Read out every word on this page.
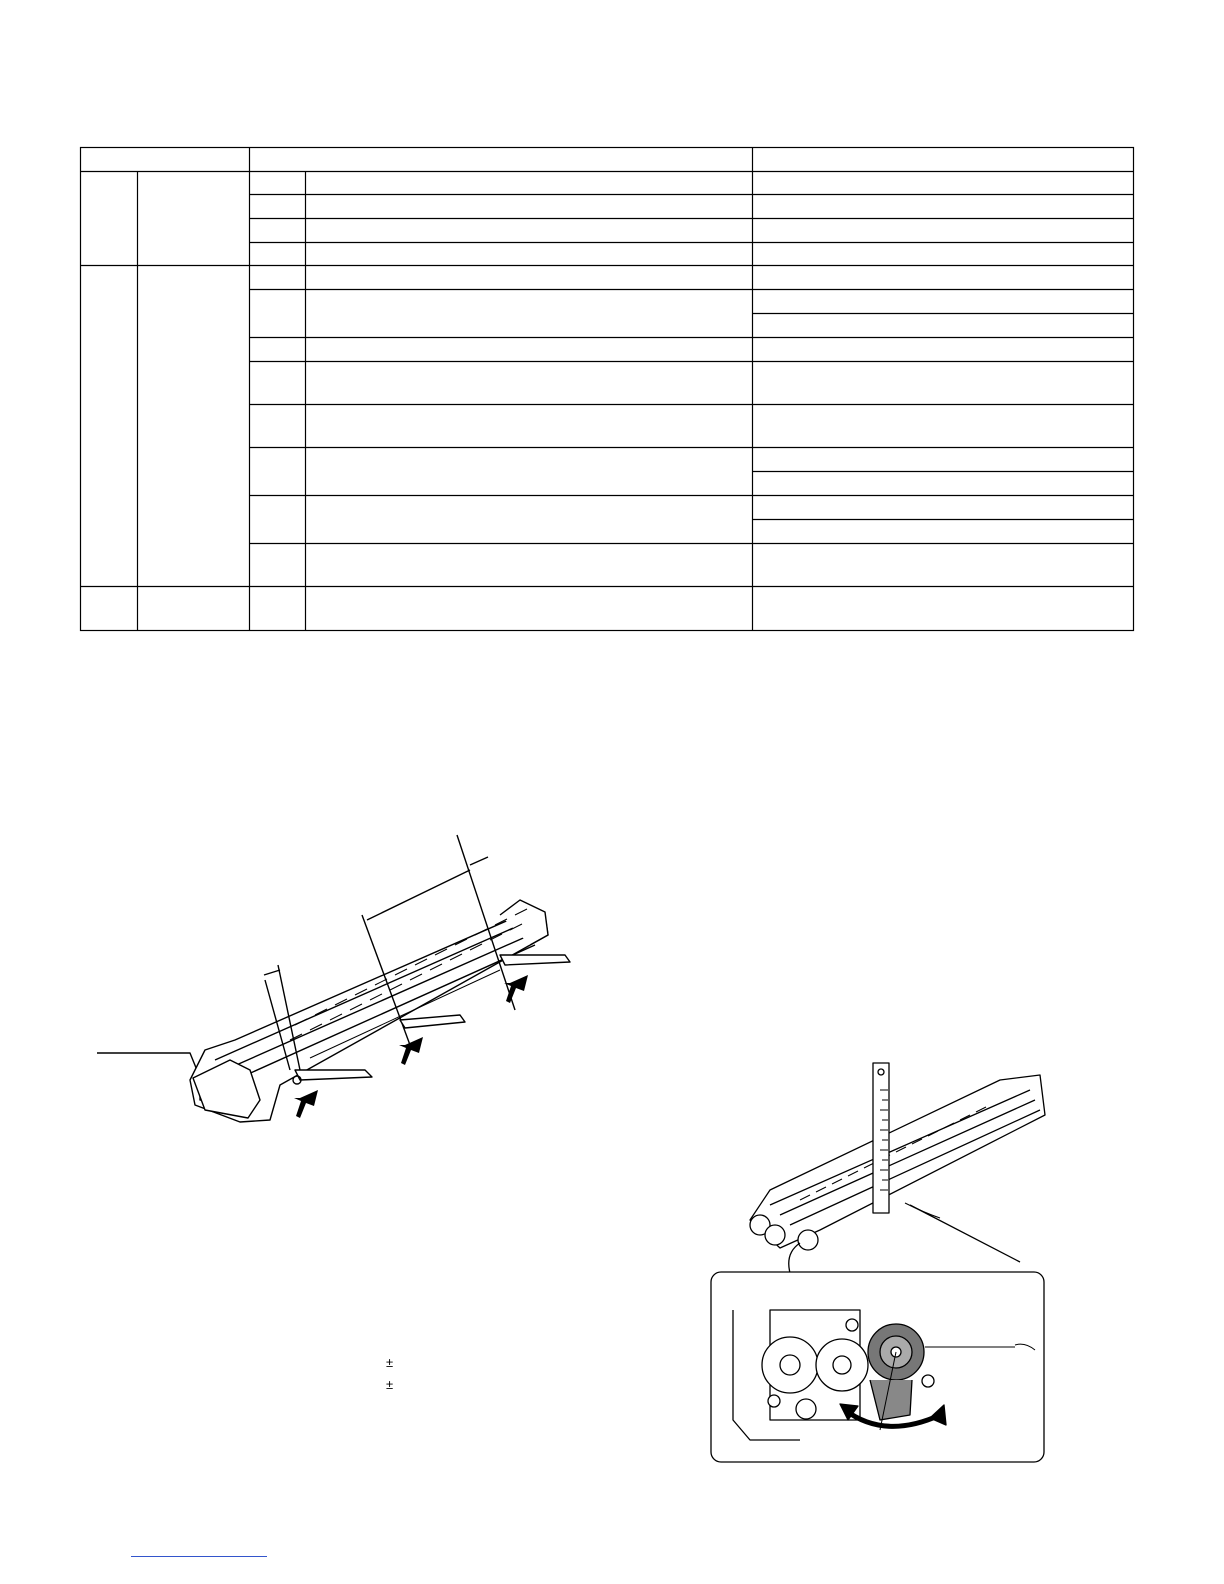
±
±
